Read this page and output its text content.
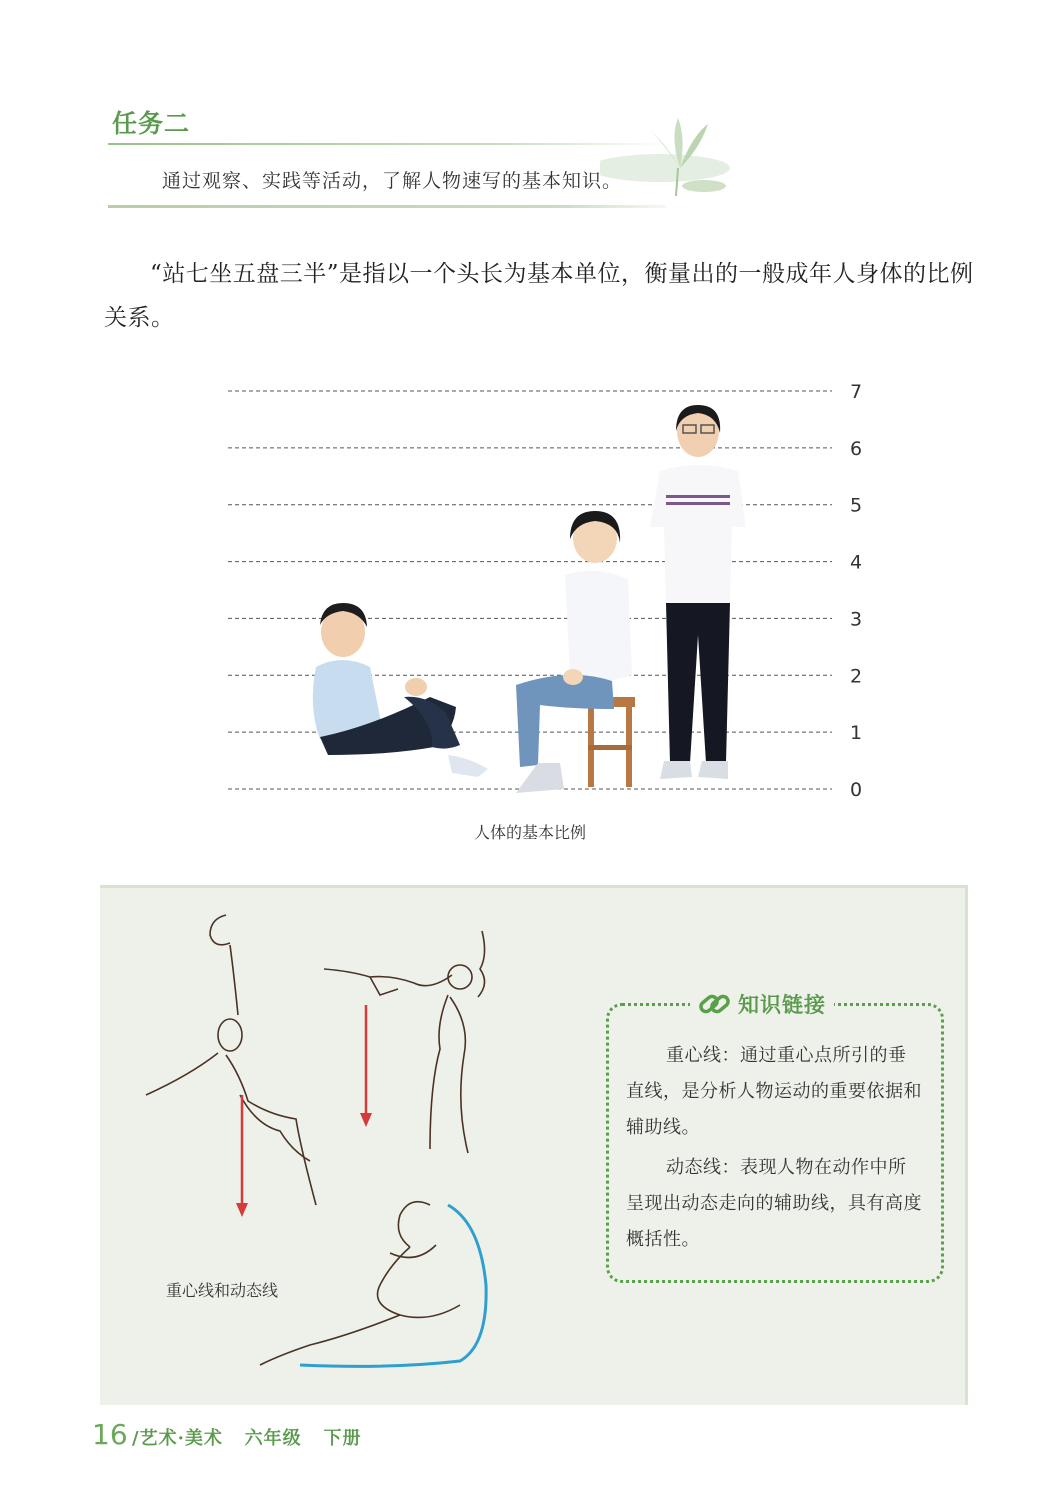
任务二
通过观察、实践等活动，了解人物速写的基本知识。
“站七坐五盘三半”是指以一个头长为基本单位，衡量出的一般成年人身体的比例关系。
0
1
2
3
4
5
6
7
人体的基本比例
重心线和动态线
知识链接
重心线：通过重心点所引的垂直线，是分析人物运动的重要依据和辅助线。
动态线：表现人物在动作中所呈现出动态走向的辅助线，具有高度概括性。
16 /艺术·美术   六年级   下册
